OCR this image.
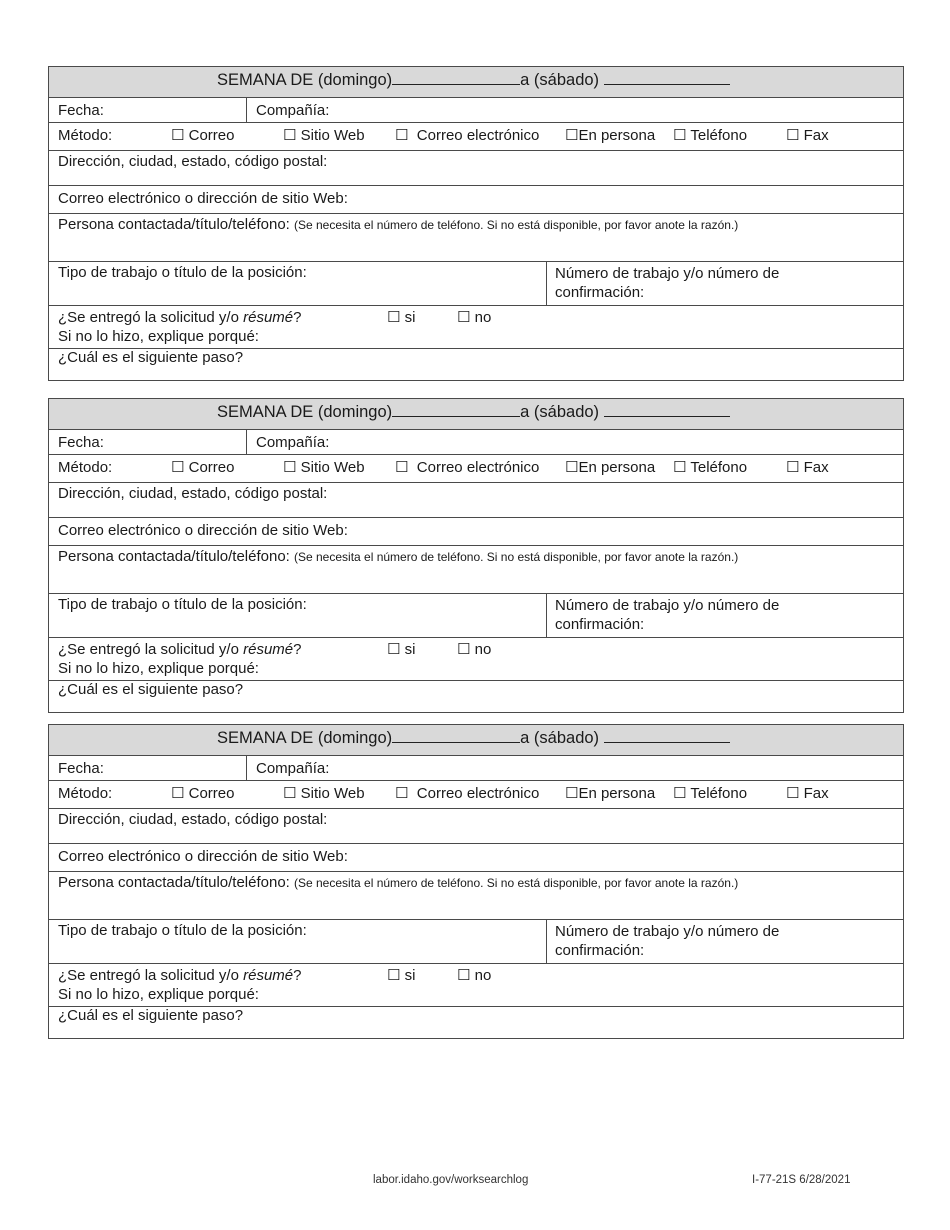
SEMANA DE (domingo)	a (sábado)
Fecha:	Compañía:
Método:	☐ Correo	☐ Sitio Web ☐ Correo electrónico ☐En persona ☐ Teléfono	☐ Fax
Dirección, ciudad, estado, código postal:
Correo electrónico o dirección de sitio Web:
Persona contactada/título/teléfono: (Se necesita el número de teléfono. Si no está disponible, por favor anote la razón.)
Tipo de trabajo o título de la posición:	Número de trabajo y/o número de confirmación:
¿Se entregó la solicitud y/o résumé?
Si no lo hizo, explique porqué:
☐ si	☐ no
¿Cuál es el siguiente paso?
SEMANA DE (domingo)	a (sábado)
Fecha:	Compañía:
Método:	☐ Correo	☐ Sitio Web ☐ Correo electrónico ☐En persona ☐ Teléfono	☐ Fax
Dirección, ciudad, estado, código postal:
Correo electrónico o dirección de sitio Web:
Persona contactada/título/teléfono: (Se necesita el número de teléfono. Si no está disponible, por favor anote la razón.)
Tipo de trabajo o título de la posición:	Número de trabajo y/o número de confirmación:
¿Se entregó la solicitud y/o résumé?
Si no lo hizo, explique porqué:
☐ si	☐ no
¿Cuál es el siguiente paso?
SEMANA DE (domingo)	a (sábado)
Fecha:	Compañía:
Método:	☐ Correo	☐ Sitio Web ☐ Correo electrónico ☐En persona ☐ Teléfono	☐ Fax
Dirección, ciudad, estado, código postal:
Correo electrónico o dirección de sitio Web:
Persona contactada/título/teléfono: (Se necesita el número de teléfono. Si no está disponible, por favor anote la razón.)
Tipo de trabajo o título de la posición:	Número de trabajo y/o número de confirmación:
¿Se entregó la solicitud y/o résumé?
Si no lo hizo, explique porqué:
☐ si	☐ no
¿Cuál es el siguiente paso?
labor.idaho.gov/worksearchlog	I-77-21S 6/28/2021
